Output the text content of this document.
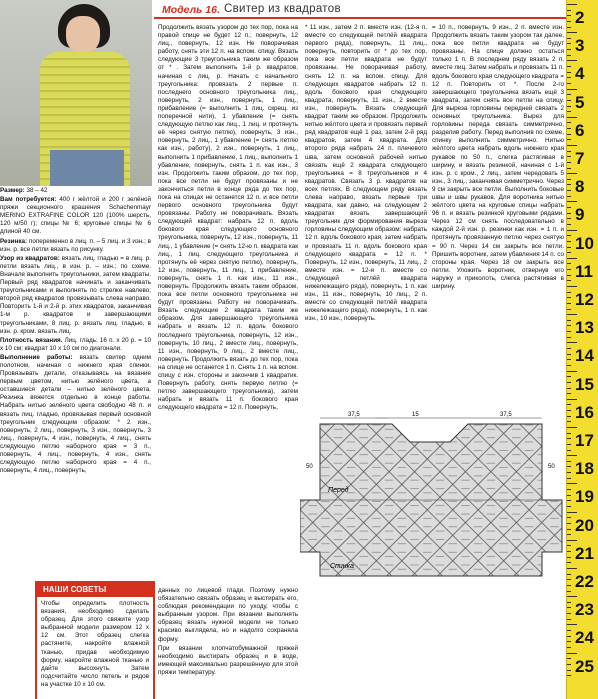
Модель 16. Свитер из квадратов

Размер: 38 – 42

Вам потребуется: 400 г жёлтой и 200 г зелёной пряжи секционного крашения Schachenmayr MERINO EXTRAFINE COLOR 120 (100% шерсть, 120 м/50 г); спицы № 6; круговые спицы № 6 длиной 40 см.

Резинка: попеременно в лиц. п. – 5 лиц. и 3 изн.; в изн. р. все петли вязать по рисунку.

Узор из квадратов: вязать лиц. гладью = в лиц. р. петли вязать лиц., в изн. р. – изн.; по схеме. Вначале выполнить треугольники, затем квадраты. Первый ряд квадратов начинать и заканчивать треугольниками и выполнять по стрелке навлево; второй ряд квадратов провязывать слева направо. Повторить 1-й и 2-й р. этих квадратов, заканчивая 1-м р. квадратов и завершающими треугольниками, 8 лиц. р. вязать лиц. гладью, в изн. р. кром. вязать лиц.

Плотность вязания. Лиц. гладь: 16 п. x 20 р. = 10 x 10 см; квадрат 10 x 10 см по диагонали.

Выполнение работы: вязать свитер одним полотном, начиная с нижнего края спинки. Провязывать детали, отказываясь на вязание первым цветом, нитью зелёного цвета, а оставшиеся детали – нитью зелёного цвета. Резинка вяжется отдельно в конце работы. Набрать нитью зелёного цвета свободно 48 п. и вязать лиц. гладью, провязывая первый основной треугольник следующим образом: * 2 изн., повернуть, 2 лиц., повернуть, 3 изн., повернуть, 3 лиц., повернуть, 4 изн., повернуть, 4 лиц., снять следующую петлю наборного края = 3 п., повернуть, 4 лиц., повернуть, 4 изн., снять следующую петлю наборного края = 4 п., повернуть, 4 лиц., повернуть,

Продолжить вязать узором до тех пор, пока на правой спице не будет 12 п.; повернуть, 12 лиц., повернуть, 12 изн. Не поворачивая работу, снять эти 12 п. на вспом. спицу. Вязать следующие 3 треугольника таким же образом от * . Затем выполнить 1-й р. квадратов, начиная с лиц. р. Начать с начального треугольника: провязать 2 первые п. последнего основного треугольника лиц., повернуть, 2 изн., повернуть, 1 лиц., прибавление (= выполнить 1 лиц. скрещ. из поперечной нити), 1 убавление (= снять следующую петлю как лиц., 1 лиц. и протянуть её через снятую петлю), повернуть, 3 изн., повернуть, 2 лиц., 1 убавление (= снять петлю как изн., работу), 2 изн., повернуть, 1 лиц., выполнить 1 прибавление, 1 лиц., выполнить 1 убавление, повернуть, снять 1 п. как изн., 3 изн. Продолжить таким образом, до тех пор, пока все петли не будут провязаны и не закончиться петли в конце ряда до тех пор, пока на спицах не останется 12 п. и все петли первого основного треугольника будут провязаны. Работу не поворачивать. Вязать следующий квадрат: набрать 12 п. вдоль бокового края следующего основного треугольника, повернуть, 12 изн., повернуть, 11 лиц., 1 убавление (= снять 12-ю п. квадрата как лиц., 1 лиц. следующего треугольника и протянуть её через снятую петлю), повернуть, 12 изн., повернуть, 11 лиц., 1 прибавление, повернуть, снять 1 п. как изн., 11 изн., повернуть. Продолжить вязать таким образом, пока все петли основного треугольника не будут провязаны. Работу не поворачивать. Вязать следующие 2 квадрата таким же образом. Для завершающего треугольника набрать и вязать 12 п. вдоль бокового последнего треугольника, повернуть, 12 изн., повернуть, 10 лиц., 2 вместе лиц., повернуть, 11 изн., повернуть, 9 лиц., 2 вместе лиц., повернуть. Продолжить вязать до тех пор, пока на спице не останется 1 п. Снять 1 п. на вспом. спицу с изн. стороны и закончив 1 квадратик. Повернуть работу, снять первую петлю (= петлю завершающего треугольника), затем набрать и вязать 11 п. бокового края следующего квадрата = 12 п. Повернуть,

* 11 изн., затем 2 п. вместе изн. (12-я п. вместе со следующей петлёй квадрата первого ряда), повернуть, 11 лиц., повернуть, повторить от * до тех пор, пока все петли квадрата не будут провязаны. Не поворачивая работу, снять 12 п. на вспом. спицу. Для следующих квадратов набрать 12 п. вдоль бокового края следующего квадрата, повернуть, 11 изн., 2 вместе изн., повернуть. Вязать следующий квадрат таким же образом. Продолжить нитью жёлтого цвета и провязать первый ряд квадратов ещё 1 раз, затем 2-й ряд квадратов, затем 4 квадрата. Для второго ряда набрать 24 п. плечевого шва, затем основной рабочей нитью связать ещё 2 квадрата следующего треугольника = 8 треугольников и 4 квадратов. Связать 3 р. квадратов на всех петлях. В следующем ряду вязать слева направо, вязать первые три квадрата, как давно, на следующем 2 квадратах вязать завершающий треугольник для формирования выреза горловины следующим образом: набрать 12 п. вдоль бокового края, затем набрать и провязать 11 п. вдоль бокового края следующего квадрата = 12 п. * Повернуть, 12 изн., повернуть, 11 лиц., 2 вместе изн. = 12-я п. вместе со следующей петлёй квадрата нижележащего ряда), повернуть, 1 п. как изн., 11 изн., повернуть, 10 лиц., 2 п. вместе со следующей петлёй квадрата нижележащего ряда), повернуть, 1 п. как изн., 10 изн., повернуть.

= 10 п., повернуть, 9 изн., 2 п. вместе изн. Продолжить вязать таким узором так далее, пока все петли квадрата не будут провязаны. На спице должно остаться только 1 п. В последнем ряду вязать 2 п. вместе лиц. Затем набрать и провязать 11 п. вдоль бокового края следующего квадрата = 12 п. Повторить от *. После 2-го завершающего треугольника вязать ещё 3 квадрата, затем снять все петли на спицу. Для выреза горловины передней связать 2 основных треугольника. Вырез для горловины переда связать симметрично, разделив работу. Перед выполнив по схеме, спинку выполнить симметрично. Нитью жёлтого цвета набрать вдоль нижнего края рукавов по 50 п., слегка растягивая в ширину, и вязать резинкой, начиная с 1-й изн. р. с кром., 2 лиц., затем чередовать 5 изн., 3 лиц., заканчивая симметрично. Через 9 см закрыть все петли. Выполнить боковые швы и швы рукавов. Для воротника нитью жёлтого цвета на круговые спицы набрать 96 п. и вязать резинкой круговыми рядами. Через 12 см снять последовательно в каждой 2-й изн. р. резинки как изн. = 1 п. и протянуть провязанную петлю через снятую = 90 п. Через 14 см закрыть все петли. Пришить воротник, затем убавления 14 п. со стороны края. Через 18 см закрыть все петли. Уложить воротник, отвернув его наружу и приколоть, слегка растягивая в ширину.

37,5	15	37,5
50	50
Перед
Спинка
НАШИ СОВЕТЫ

Чтобы определить плотность вязания, необходимо сделать образец. Для этого свяжите узор выбранной модели размером 12 x 12 см. Этот образец слегка растяните, накройте влажной тканью, придав необходимую форму, накройте влажной тканью и дайте высохнуть. Затем подсчитайте число петель и рядов на участке 10 x 10 см.

данных по лицевой глади. Поэтому нужно обязательно связать образец и выстирать его, соблюдая рекомендации по уходу, чтобы с выбранным узором. При вязании выполнять образец вязать нужной модели не только красиво выглядела, но и надолго сохраняла форму.

При вязании хлопчатобумажной пряжей необходимо выстирать образец и в воде, имеющей максимально разрешённую для этой пряжи температуру.

2
3
4
5
6
7
8
9
10
11
12
13
14
15
16
17
18
19
20
21
22
23
24
25
